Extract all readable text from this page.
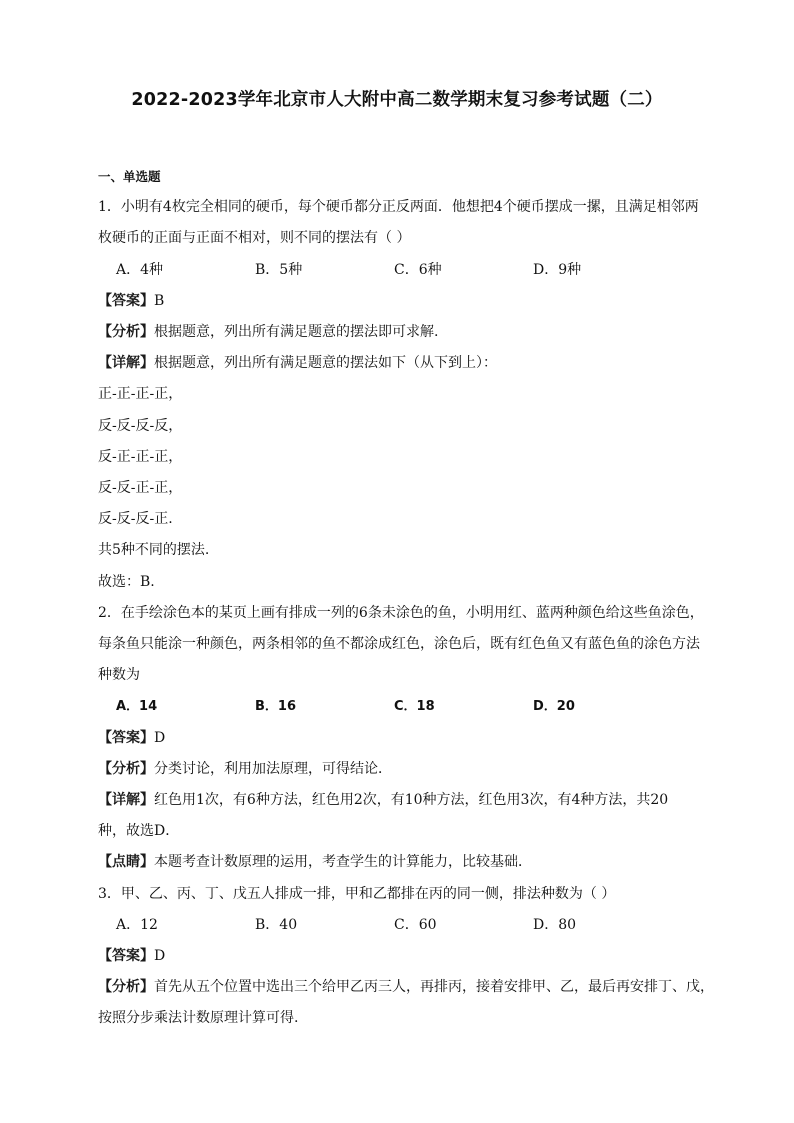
2022-2023学年北京市人大附中高二数学期末复习参考试题（二）
一、单选题
1．小明有4枚完全相同的硬币，每个硬币都分正反两面．他想把4个硬币摆成一摞，且满足相邻两
枚硬币的正面与正面不相对，则不同的摆法有（ ）
A．4种	B．5种	C．6种	D．9种
【答案】B
【分析】根据题意，列出所有满足题意的摆法即可求解.
【详解】根据题意，列出所有满足题意的摆法如下（从下到上）：
正-正-正-正，
反-反-反-反，
反-正-正-正，
反-反-正-正，
反-反-反-正.
共5种不同的摆法.
故选：B.
2．在手绘涂色本的某页上画有排成一列的6条未涂色的鱼，小明用红、蓝两种颜色给这些鱼涂色，
每条鱼只能涂一种颜色，两条相邻的鱼不都涂成红色，涂色后，既有红色鱼又有蓝色鱼的涂色方法
种数为
A．14	B．16	C．18	D．20
【答案】D
【分析】分类讨论，利用加法原理，可得结论．
【详解】红色用1次，有6种方法，红色用2次，有10种方法，红色用3次，有4种方法，共20
种，故选D．
【点睛】本题考查计数原理的运用，考查学生的计算能力，比较基础．
3．甲、乙、丙、丁、戊五人排成一排，甲和乙都排在丙的同一侧，排法种数为（ ）
A．12	B．40	C．60	D．80
【答案】D
【分析】首先从五个位置中选出三个给甲乙丙三人，再排丙，接着安排甲、乙，最后再安排丁、戊，
按照分步乘法计数原理计算可得.
